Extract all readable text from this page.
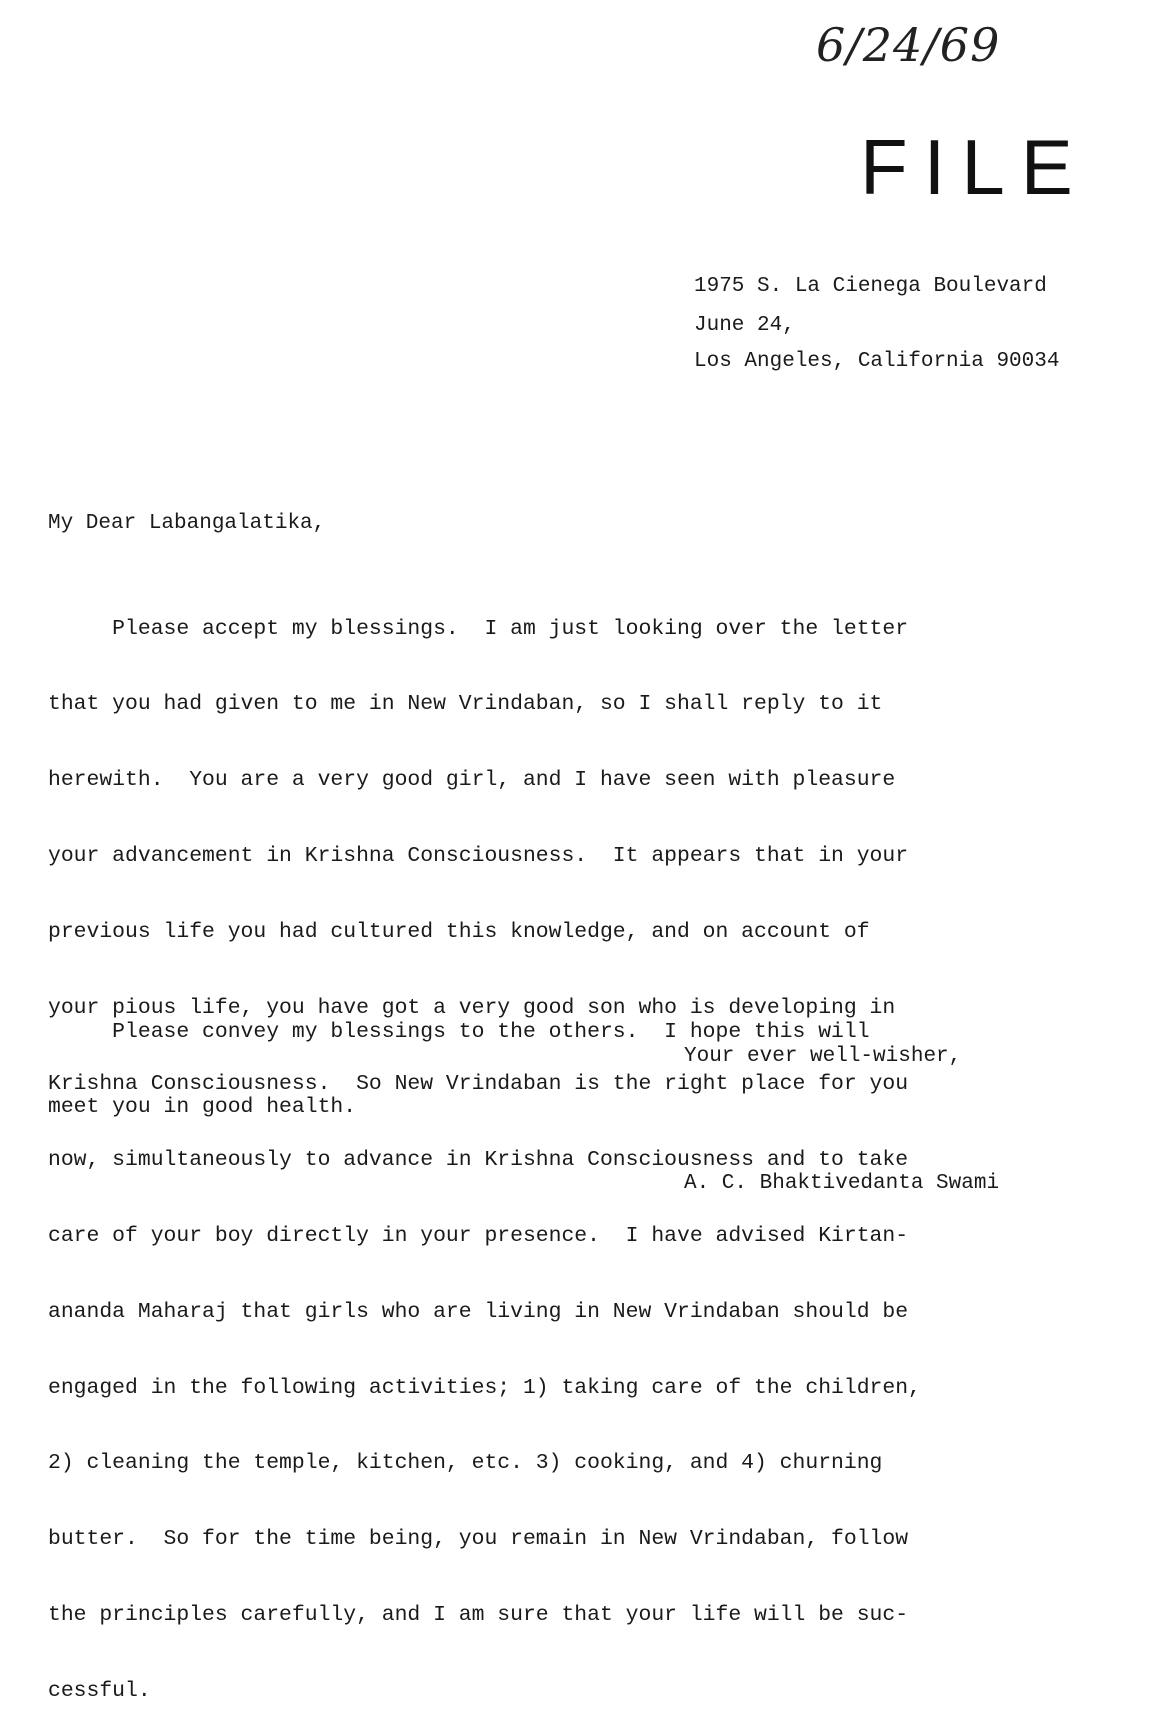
6/24/69
FILE

1975 S. La Cienega Boulevard

Los Angeles, California 90034

June 24,
My Dear Labangalatika,

Please accept my blessings.  I am just looking over the letter

that you had given to me in New Vrindaban, so I shall reply to it

herewith.  You are a very good girl, and I have seen with pleasure

your advancement in Krishna Consciousness.  It appears that in your

previous life you had cultured this knowledge, and on account of

your pious life, you have got a very good son who is developing in

Krishna Consciousness.  So New Vrindaban is the right place for you

now, simultaneously to advance in Krishna Consciousness and to take

care of your boy directly in your presence.  I have advised Kirtan-

ananda Maharaj that girls who are living in New Vrindaban should be

engaged in the following activities; 1) taking care of the children,

2) cleaning the temple, kitchen, etc. 3) cooking, and 4) churning

butter.  So for the time being, you remain in New Vrindaban, follow

the principles carefully, and I am sure that your life will be suc-

cessful.

Please convey my blessings to the others.  I hope this will

meet you in good health.

Your ever well-wisher,
A. C. Bhaktivedanta Swami
